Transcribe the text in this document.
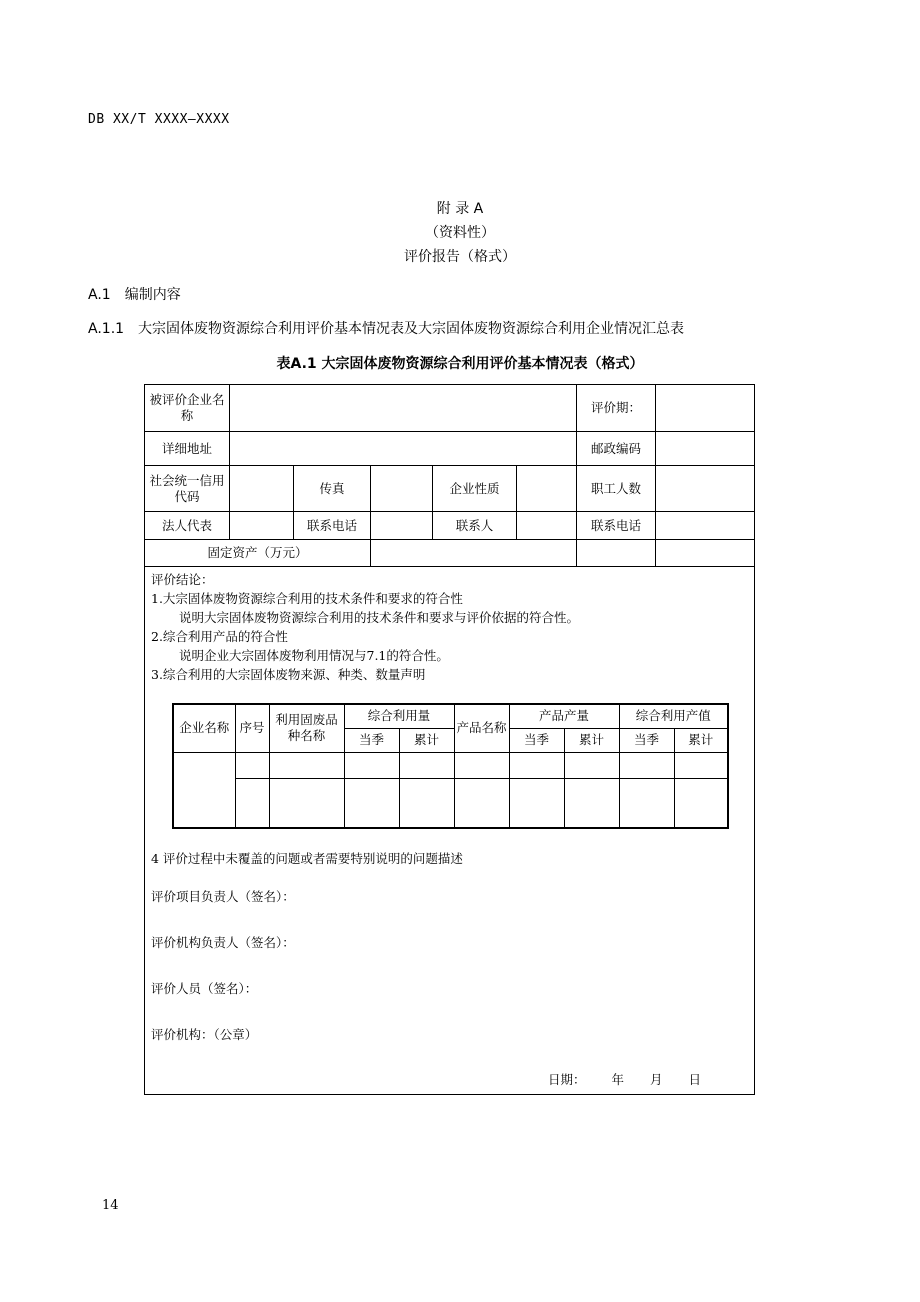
DB XX/T XXXX—XXXX
附 录 A
（资料性）
评价报告（格式）
A.1 编制内容
A.1.1 大宗固体废物资源综合利用评价基本情况表及大宗固体废物资源综合利用企业情况汇总表
表A.1 大宗固体废物资源综合利用评价基本情况表（格式）
被评价企业名称		评价期：	
详细地址		邮政编码	
社会统一信用代码		传真		企业性质		职工人数	
法人代表		联系电话		联系人		联系电话	
固定资产（万元）			

评价结论：
1.大宗固体废物资源综合利用的技术条件和要求的符合性
说明大宗固体废物资源综合利用的技术条件和要求与评价依据的符合性。
2.综合利用产品的符合性
说明企业大宗固体废物利用情况与7.1的符合性。
3.综合利用的大宗固体废物来源、种类、数量声明
企业名称	序号	利用固废品种名称	综合利用量	产品名称	产品产量	综合利用产值
当季	累计	当季	累计	当季	累计

4 评价过程中未覆盖的问题或者需要特别说明的问题描述
评价项目负责人（签名）：
评价机构负责人（签名）：
评价人员（签名）：
评价机构：（公章）
日期： 年 月 日
14
